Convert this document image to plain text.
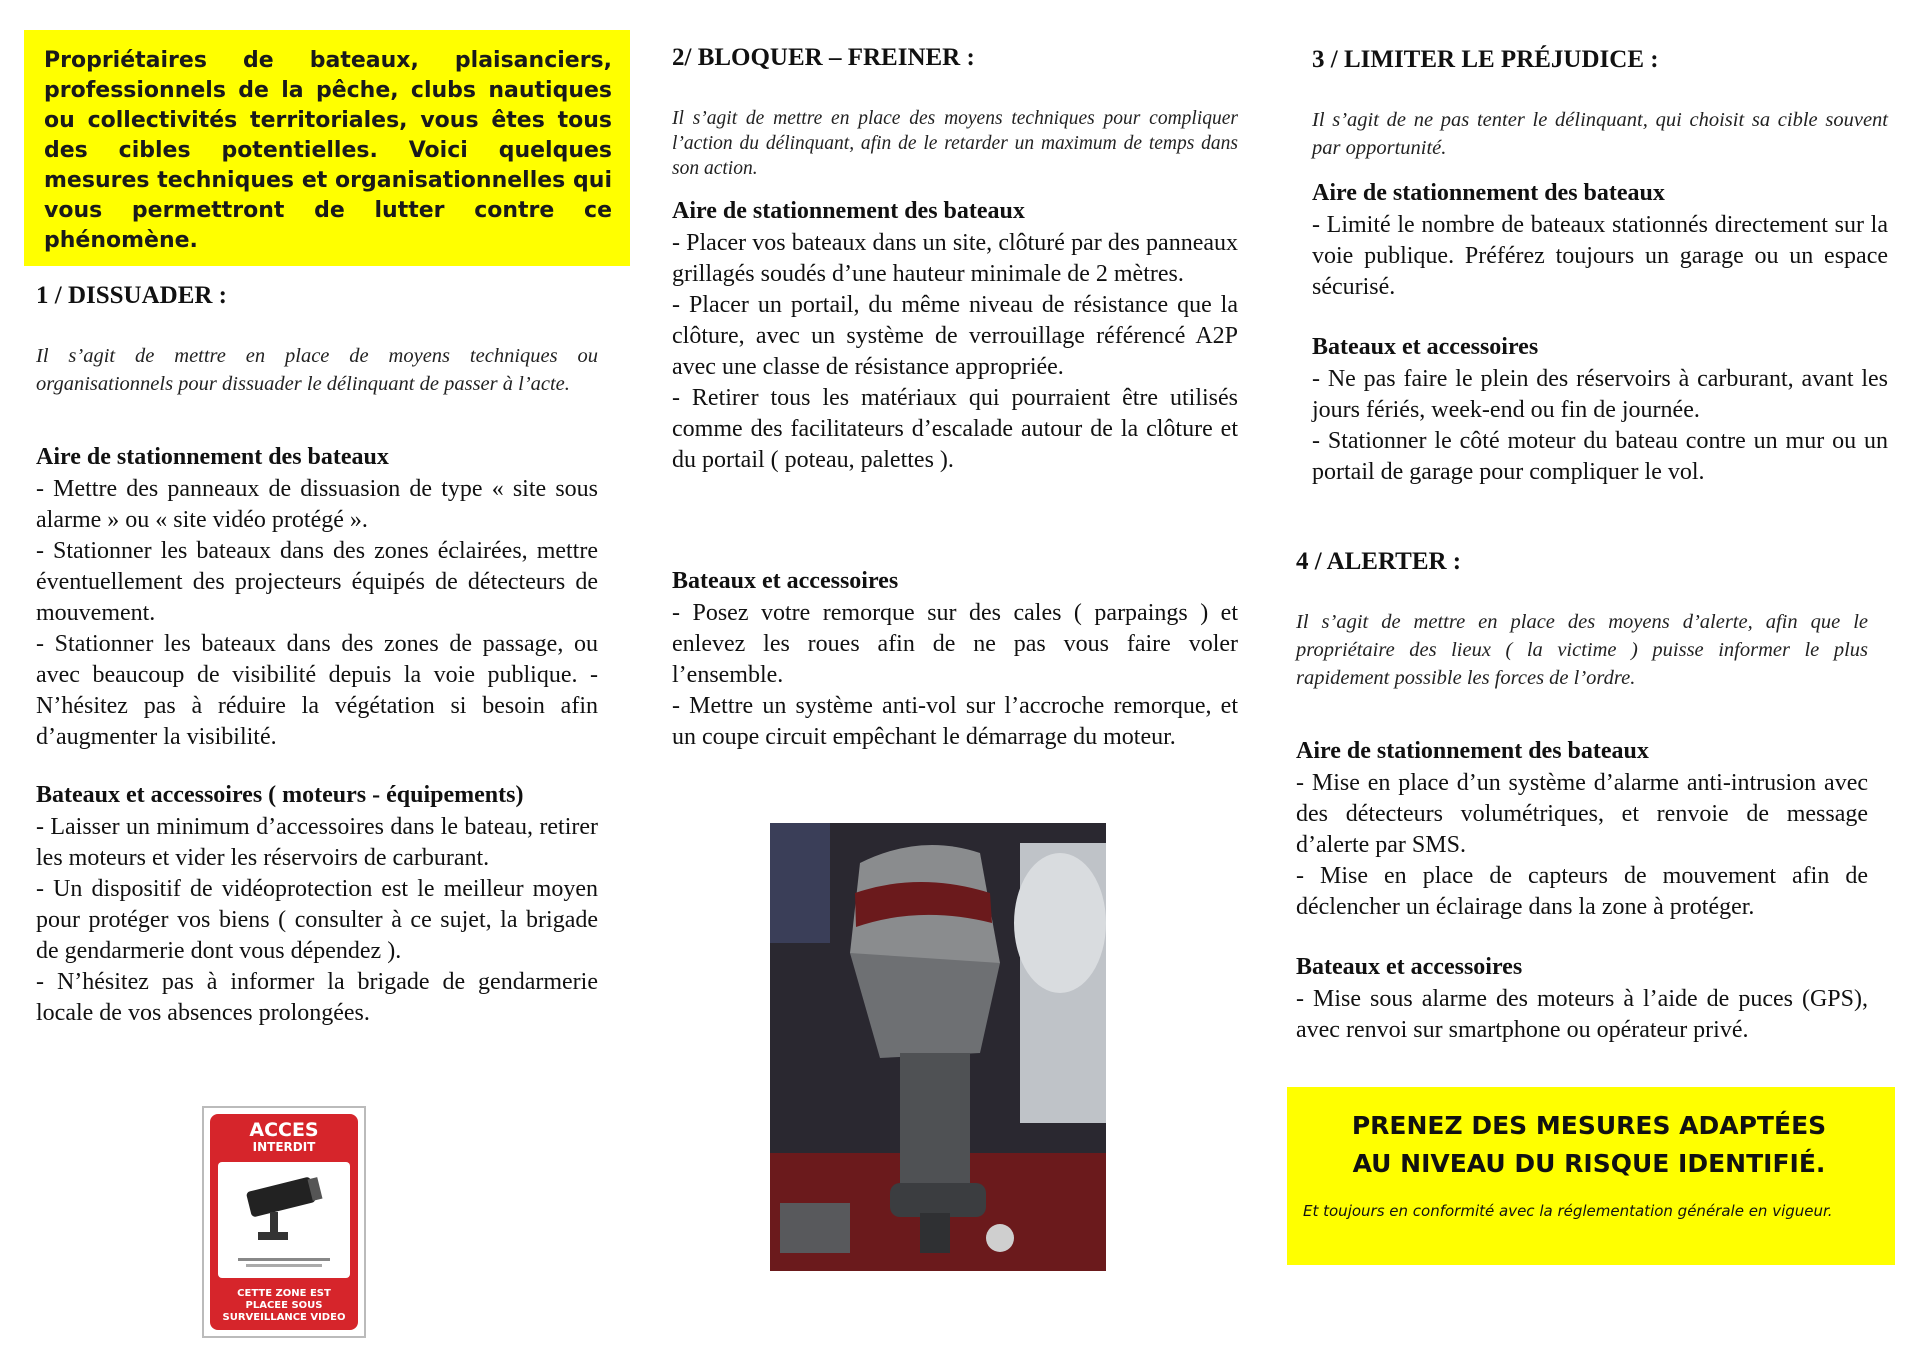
Propriétaires de bateaux, plaisanciers, professionnels de la pêche, clubs nautiques ou collectivités territoriales, vous êtes tous des cibles potentielles. Voici quelques mesures techniques et organisationnelles qui vous permettront de lutter contre ce phénomène.
1 / DISSUADER :
Il s’agit de mettre en place de moyens techniques ou organisationnels pour dissuader le délinquant de passer à l’acte.
Aire de stationnement des bateaux

- Mettre des panneaux de dissuasion de type « site sous alarme » ou « site vidéo protégé ».

- Stationner les bateaux dans des zones éclairées, mettre éventuellement des projecteurs équipés de détecteurs de mouvement.

- Stationner les bateaux dans des zones de passage, ou avec beaucoup de visibilité depuis la voie publique. - N’hésitez pas à réduire la végétation si besoin afin d’augmenter la visibilité.

Bateaux et accessoires ( moteurs - équipements)

- Laisser un minimum d’accessoires dans le bateau, retirer les moteurs et vider les réservoirs de carburant.

- Un dispositif de vidéoprotection est le meilleur moyen pour protéger vos biens ( consulter à ce sujet, la brigade de gendarmerie dont vous dépendez ).

- N’hésitez pas à informer la brigade de gendarmerie locale de vos absences prolongées.

ACCES
INTERDIT
CETTE ZONE EST PLACEE SOUS SURVEILLANCE VIDEO
2/ BLOQUER – FREINER :
Il s’agit de mettre en place des moyens techniques pour compliquer l’action du délinquant, afin de le retarder un maximum de temps dans son action.
Aire de stationnement des bateaux

- Placer vos bateaux dans un site, clôturé par des panneaux grillagés soudés d’une hauteur minimale de 2 mètres.

- Placer un portail, du même niveau de résistance que la clôture, avec un système de verrouillage référencé A2P avec une classe de résistance appropriée.

- Retirer tous les matériaux qui pourraient être utilisés comme des facilitateurs d’escalade autour de la clôture et du portail ( poteau, palettes ).

Bateaux et accessoires

- Posez votre remorque sur des cales ( parpaings ) et enlevez les roues afin de ne pas vous faire voler l’ensemble.

- Mettre un système anti-vol sur l’accroche remorque, et un coupe circuit empêchant le démarrage du moteur.

3 / LIMITER LE PRÉJUDICE :
Il s’agit de ne pas tenter le délinquant, qui choisit sa cible souvent par opportunité.
Aire de stationnement des bateaux

- Limité le nombre de bateaux stationnés directement sur la voie publique. Préférez toujours un garage ou un espace sécurisé.

Bateaux et accessoires

- Ne pas faire le plein des réservoirs à carburant, avant les jours fériés, week-end ou fin de journée.

- Stationner le côté moteur du bateau contre un mur ou un portail de garage pour compliquer le vol.

4 / ALERTER :
Il s’agit de mettre en place des moyens d’alerte, afin que le propriétaire des lieux ( la victime ) puisse informer le plus rapidement possible les forces de l’ordre.
Aire de stationnement des bateaux

- Mise en place d’un système d’alarme anti-intrusion avec des détecteurs volumétriques, et renvoie de message d’alerte par SMS.

- Mise en place de capteurs de mouvement afin de déclencher un éclairage dans la zone à protéger.

Bateaux et accessoires

- Mise sous alarme des moteurs à l’aide de puces (GPS), avec renvoi sur smartphone ou opérateur privé.

PRENEZ DES MESURES ADAPTÉES
AU NIVEAU DU RISQUE IDENTIFIÉ.
Et toujours en conformité avec la réglementation générale en vigueur.
